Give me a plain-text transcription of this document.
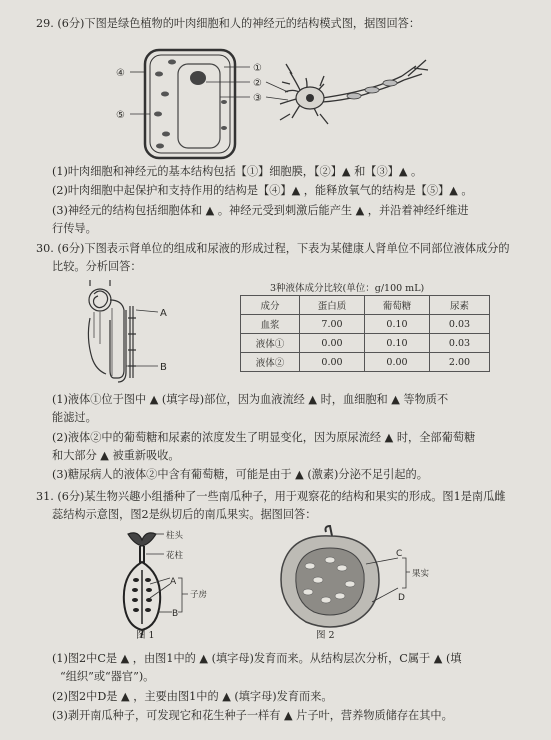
29. (6分)下图是绿色植物的叶肉细胞和人的神经元的结构模式图，据图回答：
④
⑤
①
②
③
(1)叶肉细胞和神经元的基本结构包括【①】细胞膜，【②】▲ 和【③】▲ 。
(2)叶肉细胞中起保护和支持作用的结构是【④】▲ ，能释放氧气的结构是【⑤】▲ 。
(3)神经元的结构包括细胞体和 ▲ 。神经元受到刺激后能产生 ▲ ，并沿着神经纤维进
行传导。
30. (6分)下图表示肾单位的组成和尿液的形成过程，下表为某健康人肾单位不同部位液体成分的
比较。分析回答：
A
B
3种液体成分比较(单位：g/100 mL)
成分	蛋白质	葡萄糖	尿素
血浆	7.00	0.10	0.03
液体①	0.00	0.10	0.03
液体②	0.00	0.00	2.00
(1)液体①位于图中 ▲ (填字母)部位，因为血液流经 ▲ 时，血细胞和 ▲ 等物质不
能滤过。
(2)液体②中的葡萄糖和尿素的浓度发生了明显变化，因为原尿流经 ▲ 时，全部葡萄糖
和大部分 ▲ 被重新吸收。
(3)糖尿病人的液体②中含有葡萄糖，可能是由于 ▲ (激素)分泌不足引起的。
31. (6分)某生物兴趣小组播种了一些南瓜种子，用于观察花的结构和果实的形成。图1是南瓜雌
蕊结构示意图，图2是纵切后的南瓜果实。据图回答：
柱头
花柱
A
B
子房
图 1
C
D
果实
图 2
(1)图2中C是 ▲ ，由图1中的 ▲ (填字母)发育而来。从结构层次分析，C属于 ▲ (填
“组织”或“器官”)。
(2)图2中D是 ▲ ，主要由图1中的 ▲ (填字母)发育而来。
(3)剥开南瓜种子，可发现它和花生种子一样有 ▲ 片子叶，营养物质储存在其中。
